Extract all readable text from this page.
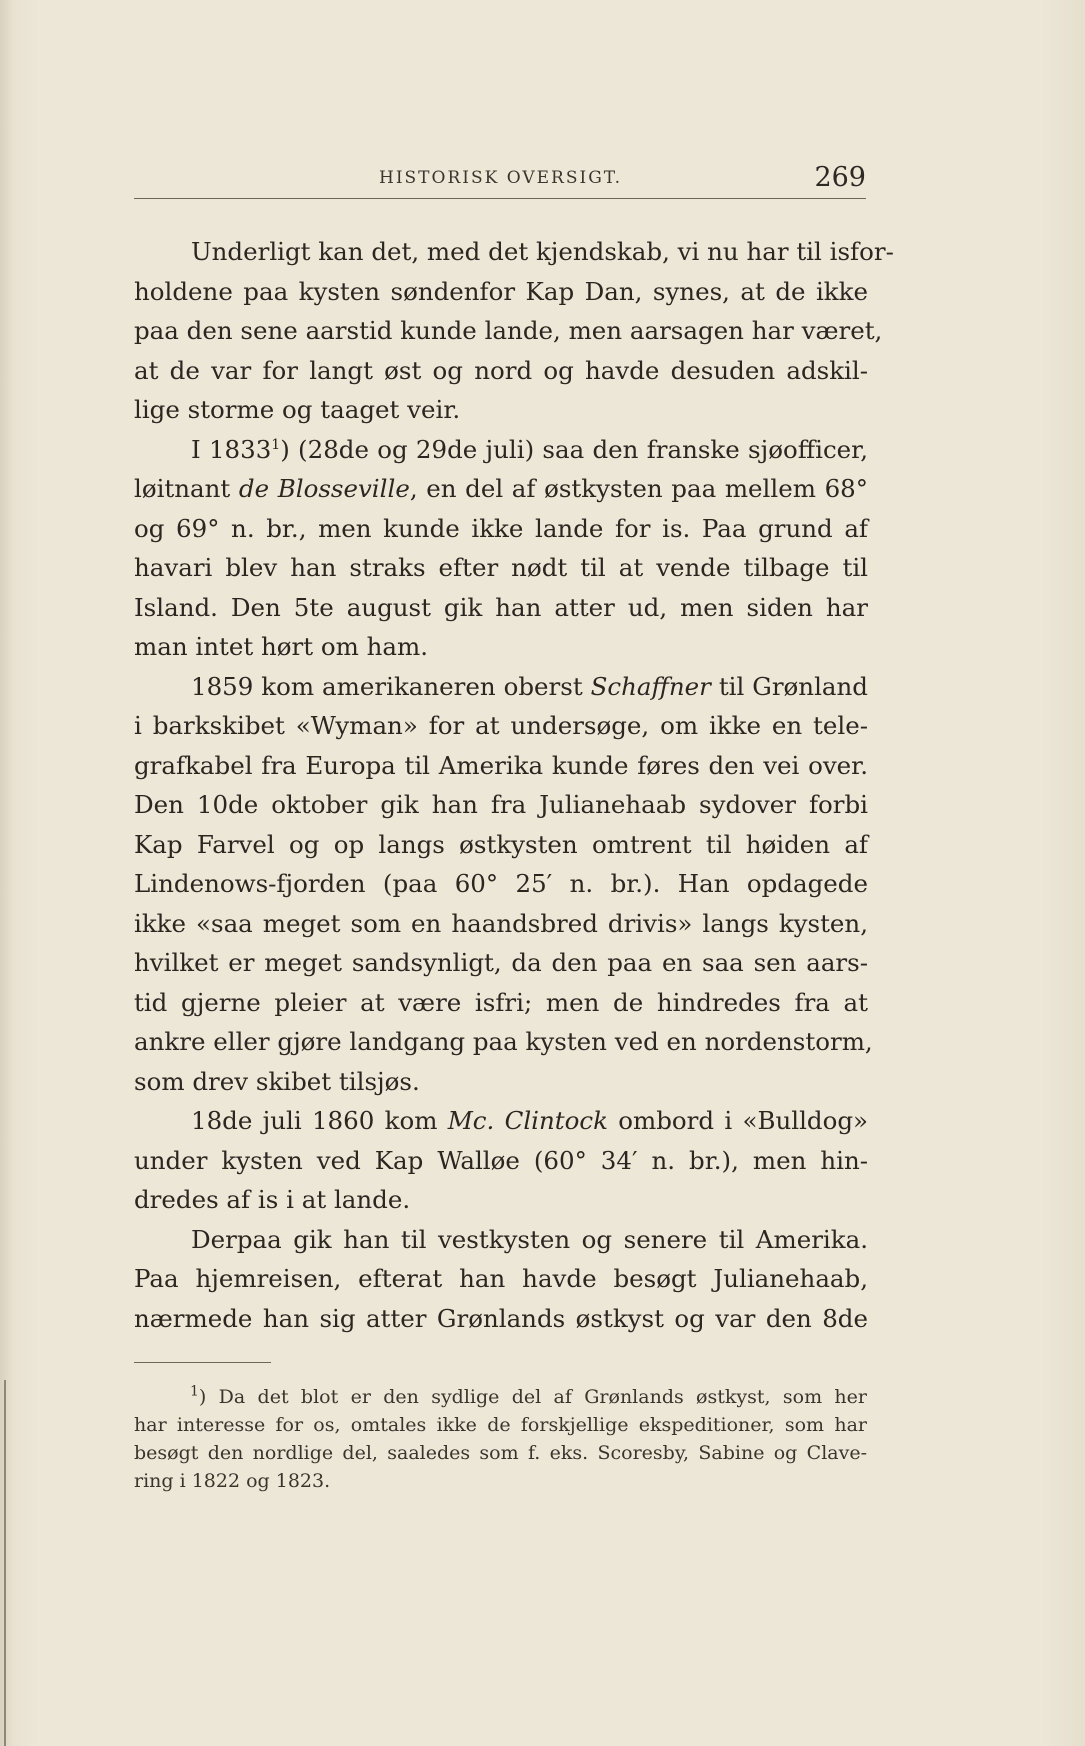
HISTORISK OVERSIGT.	269
Underligt kan det, med det kjendskab, vi nu har til isfor-
holdene paa kysten søndenfor Kap Dan, synes, at de ikke
paa den sene aarstid kunde lande, men aarsagen har været,
at de var for langt øst og nord og havde desuden adskil-
lige storme og taaget veir.
I 1833$^1$) (28de og 29de juli) saa den franske sjøofficer,
løitnant de Blosseville, en del af østkysten paa mellem 68°
og 69° n. br., men kunde ikke lande for is. Paa grund af
havari blev han straks efter nødt til at vende tilbage til
Island. Den 5te august gik han atter ud, men siden har
man intet hørt om ham.
1859 kom amerikaneren oberst Schaffner til Grønland
i barkskibet «Wyman» for at undersøge, om ikke en tele-
grafkabel fra Europa til Amerika kunde føres den vei over.
Den 10de oktober gik han fra Julianehaab sydover forbi
Kap Farvel og op langs østkysten omtrent til høiden af
Lindenows-fjorden (paa 60° 25′ n. br.). Han opdagede
ikke «saa meget som en haandsbred drivis» langs kysten,
hvilket er meget sandsynligt, da den paa en saa sen aars-
tid gjerne pleier at være isfri; men de hindredes fra at
ankre eller gjøre landgang paa kysten ved en nordenstorm,
som drev skibet tilsjøs.
18de juli 1860 kom Mc. Clintock ombord i «Bulldog»
under kysten ved Kap Walløe (60° 34′ n. br.), men hin-
dredes af is i at lande.
Derpaa gik han til vestkysten og senere til Amerika.
Paa hjemreisen, efterat han havde besøgt Julianehaab,
nærmede han sig atter Grønlands østkyst og var den 8de
$^1$) Da det blot er den sydlige del af Grønlands østkyst, som her
har interesse for os, omtales ikke de forskjellige ekspeditioner, som har
besøgt den nordlige del, saaledes som f. eks. Scoresby, Sabine og Clave-
ring i 1822 og 1823.
